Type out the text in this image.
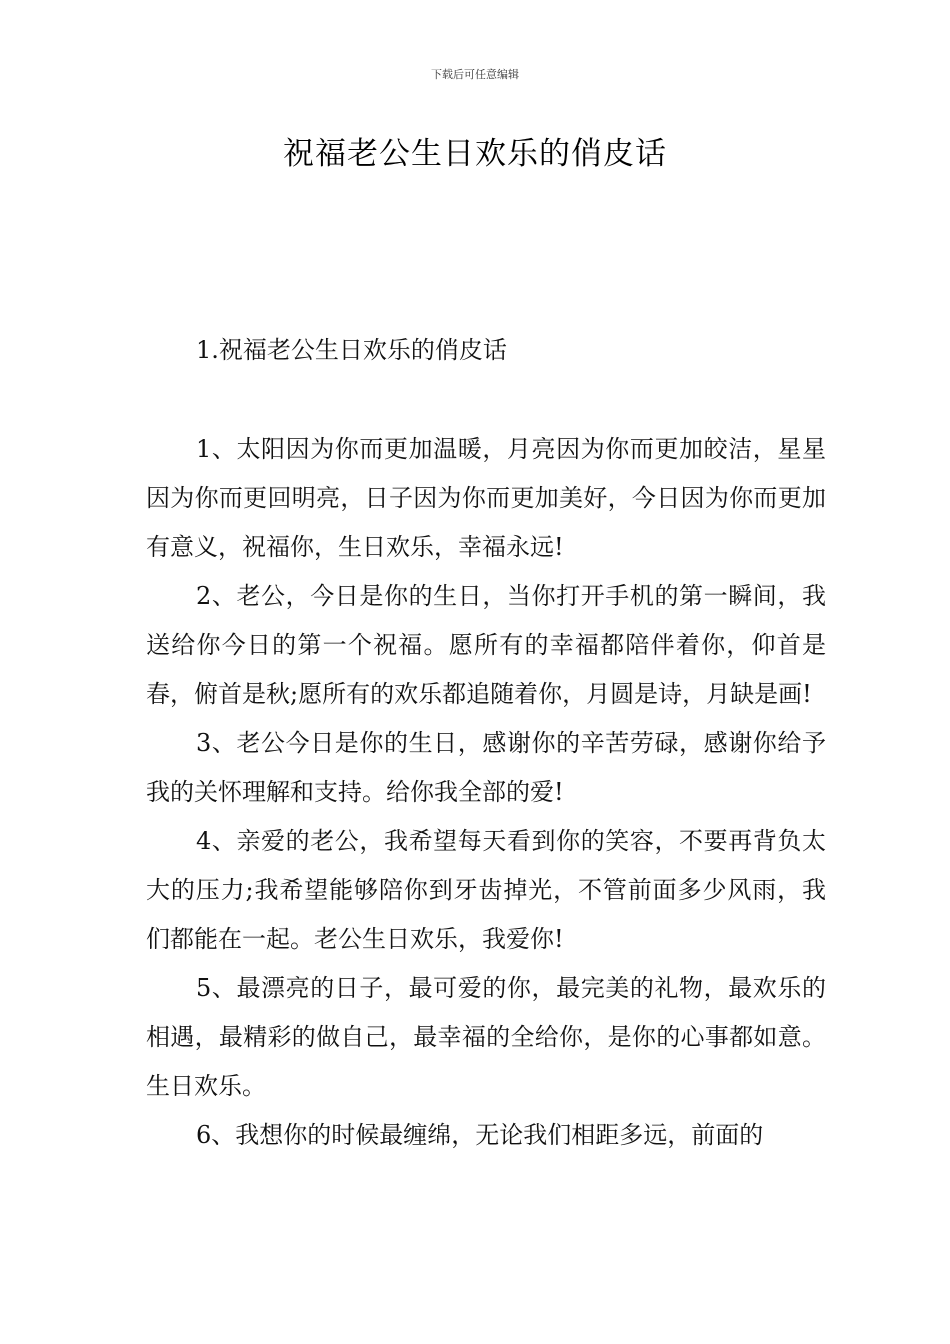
下载后可任意编辑
祝福老公生日欢乐的俏皮话
1.祝福老公生日欢乐的俏皮话

1、太阳因为你而更加温暖，月亮因为你而更加皎洁，星星因为你而更回明亮，日子因为你而更加美好，今日因为你而更加有意义，祝福你，生日欢乐，幸福永远!

2、老公，今日是你的生日，当你打开手机的第一瞬间，我送给你今日的第一个祝福。愿所有的幸福都陪伴着你，仰首是春，俯首是秋;愿所有的欢乐都追随着你，月圆是诗，月缺是画!

3、老公今日是你的生日，感谢你的辛苦劳碌，感谢你给予我的关怀理解和支持。给你我全部的爱!

4、亲爱的老公，我希望每天看到你的笑容，不要再背负太大的压力;我希望能够陪你到牙齿掉光，不管前面多少风雨，我们都能在一起。老公生日欢乐，我爱你!

5、最漂亮的日子，最可爱的你，最完美的礼物，最欢乐的相遇，最精彩的做自己，最幸福的全给你，是你的心事都如意。生日欢乐。

6、我想你的时候最缠绵，无论我们相距多远，前面的
